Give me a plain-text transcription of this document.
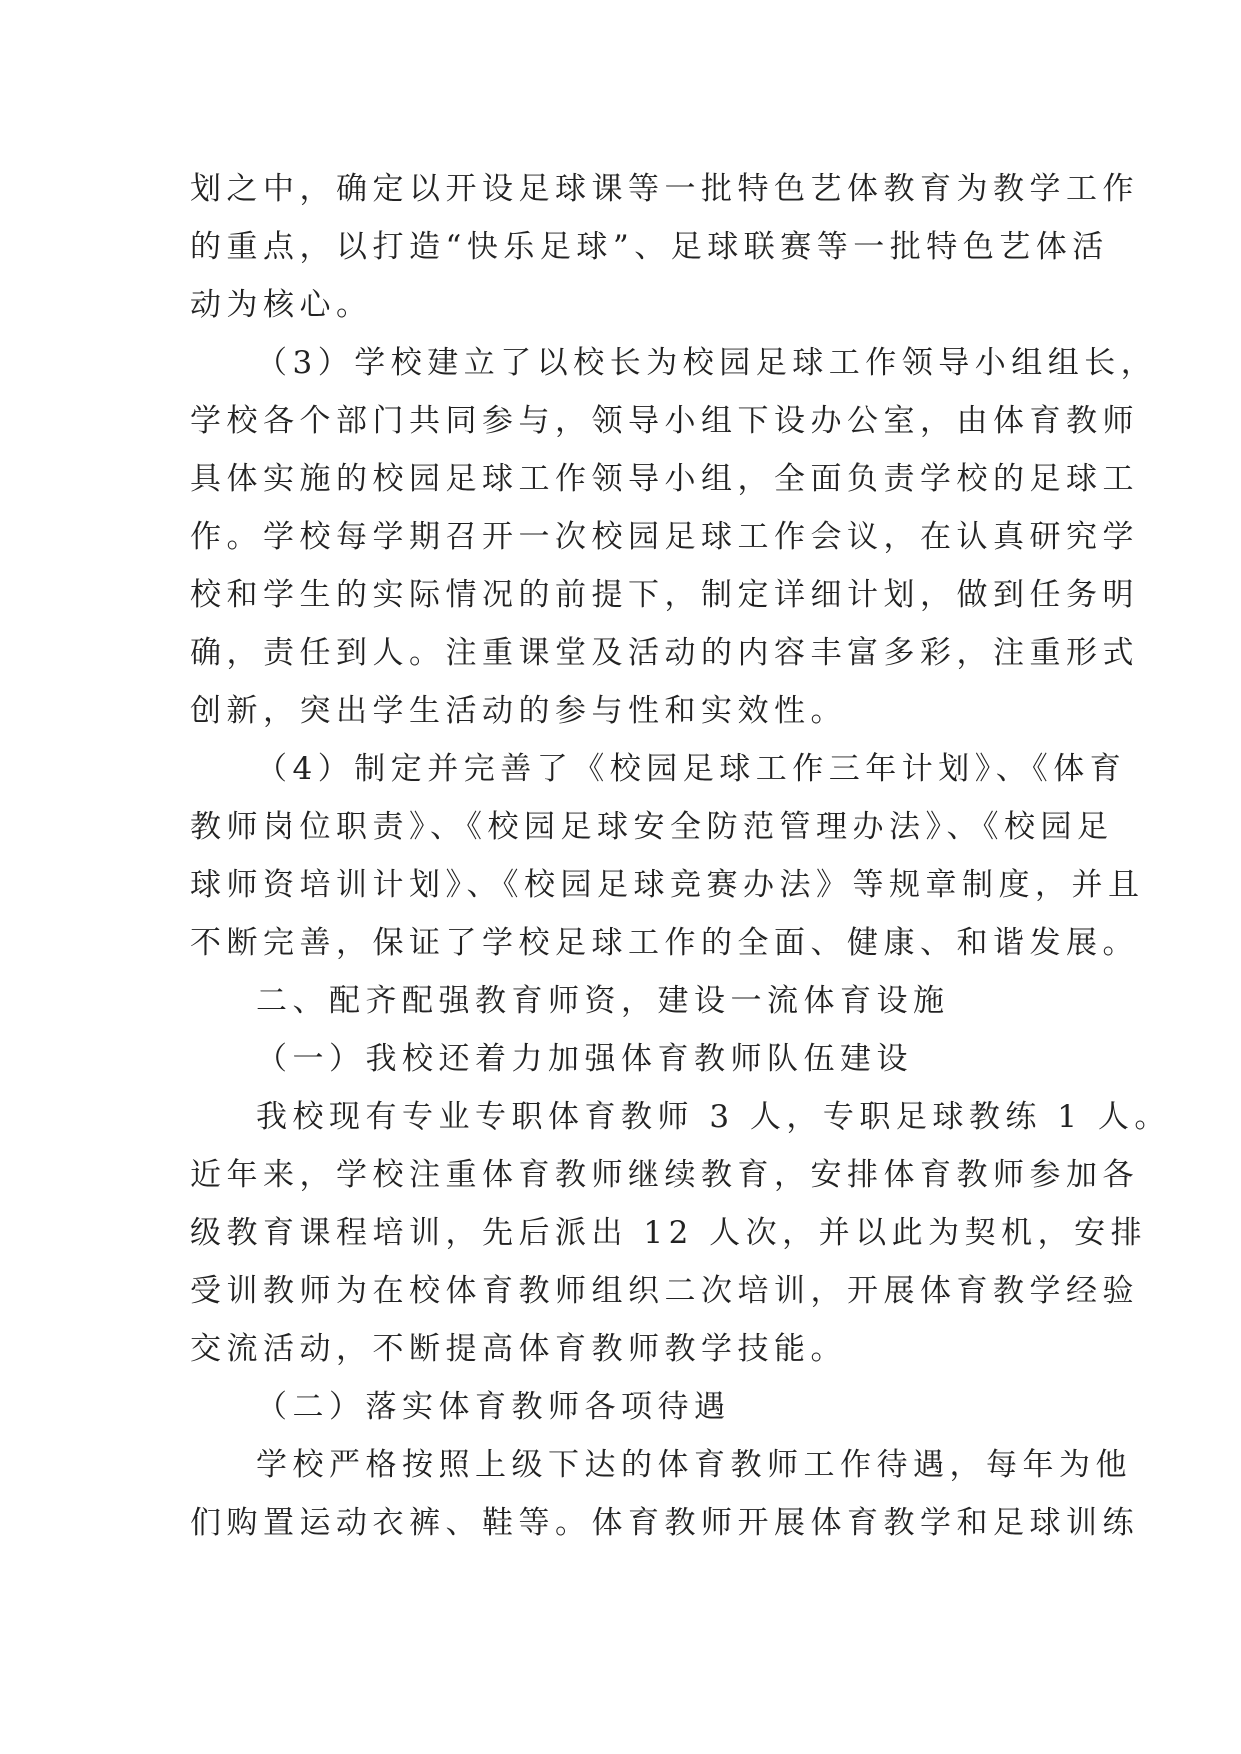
划之中，确定以开设足球课等一批特色艺体教育为教学工作
的重点，以打造“快乐足球”、足球联赛等一批特色艺体活
动为核心。
（3）学校建立了以校长为校园足球工作领导小组组长，
学校各个部门共同参与，领导小组下设办公室，由体育教师
具体实施的校园足球工作领导小组，全面负责学校的足球工
作。学校每学期召开一次校园足球工作会议，在认真研究学
校和学生的实际情况的前提下，制定详细计划，做到任务明
确，责任到人。注重课堂及活动的内容丰富多彩，注重形式
创新，突出学生活动的参与性和实效性。
（4）制定并完善了《校园足球工作三年计划》、《体育
教师岗位职责》、《校园足球安全防范管理办法》、《校园足
球师资培训计划》、《校园足球竞赛办法》等规章制度，并且
不断完善，保证了学校足球工作的全面、健康、和谐发展。
二、配齐配强教育师资，建设一流体育设施
（一）我校还着力加强体育教师队伍建设
我校现有专业专职体育教师 3 人，专职足球教练 1 人。
近年来，学校注重体育教师继续教育，安排体育教师参加各
级教育课程培训，先后派出 12 人次，并以此为契机，安排
受训教师为在校体育教师组织二次培训，开展体育教学经验
交流活动，不断提高体育教师教学技能。
（二）落实体育教师各项待遇
学校严格按照上级下达的体育教师工作待遇，每年为他
们购置运动衣裤、鞋等。体育教师开展体育教学和足球训练
